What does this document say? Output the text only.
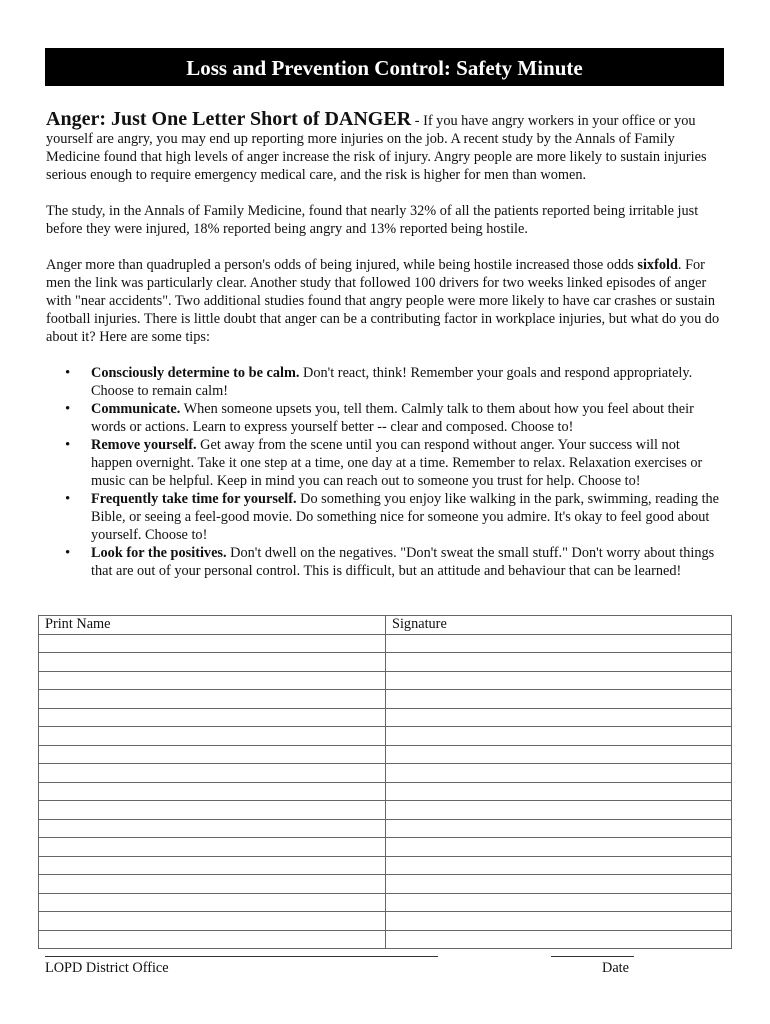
Loss and Prevention Control: Safety Minute

Anger: Just One Letter Short of DANGER - If you have angry workers in your office or you yourself are angry, you may end up reporting more injuries on the job. A recent study by the Annals of Family Medicine found that high levels of anger increase the risk of injury. Angry people are more likely to sustain injuries serious enough to require emergency medical care, and the risk is higher for men than women.

The study, in the Annals of Family Medicine, found that nearly 32% of all the patients reported being irritable just before they were injured, 18% reported being angry and 13% reported being hostile.

Anger more than quadrupled a person's odds of being injured, while being hostile increased those odds sixfold. For men the link was particularly clear. Another study that followed 100 drivers for two weeks linked episodes of anger with "near accidents". Two additional studies found that angry people were more likely to have car crashes or sustain football injuries. There is little doubt that anger can be a contributing factor in workplace injuries, but what do you do about it? Here are some tips:

• Consciously determine to be calm. Don't react, think! Remember your goals and respond appropriately. Choose to remain calm!
• Communicate. When someone upsets you, tell them. Calmly talk to them about how you feel about their words or actions. Learn to express yourself better -- clear and composed. Choose to!
• Remove yourself. Get away from the scene until you can respond without anger. Your success will not happen overnight. Take it one step at a time, one day at a time. Remember to relax. Relaxation exercises or music can be helpful. Keep in mind you can reach out to someone you trust for help. Choose to!
• Frequently take time for yourself. Do something you enjoy like walking in the park, swimming, reading the Bible, or seeing a feel-good movie. Do something nice for someone you admire. It's okay to feel good about yourself. Choose to!
• Look for the positives. Don't dwell on the negatives. "Don't sweat the small stuff." Don't worry about things that are out of your personal control. This is difficult, but an attitude and behaviour that can be learned!
Print Name	Signature

LOPD District Office	Date
